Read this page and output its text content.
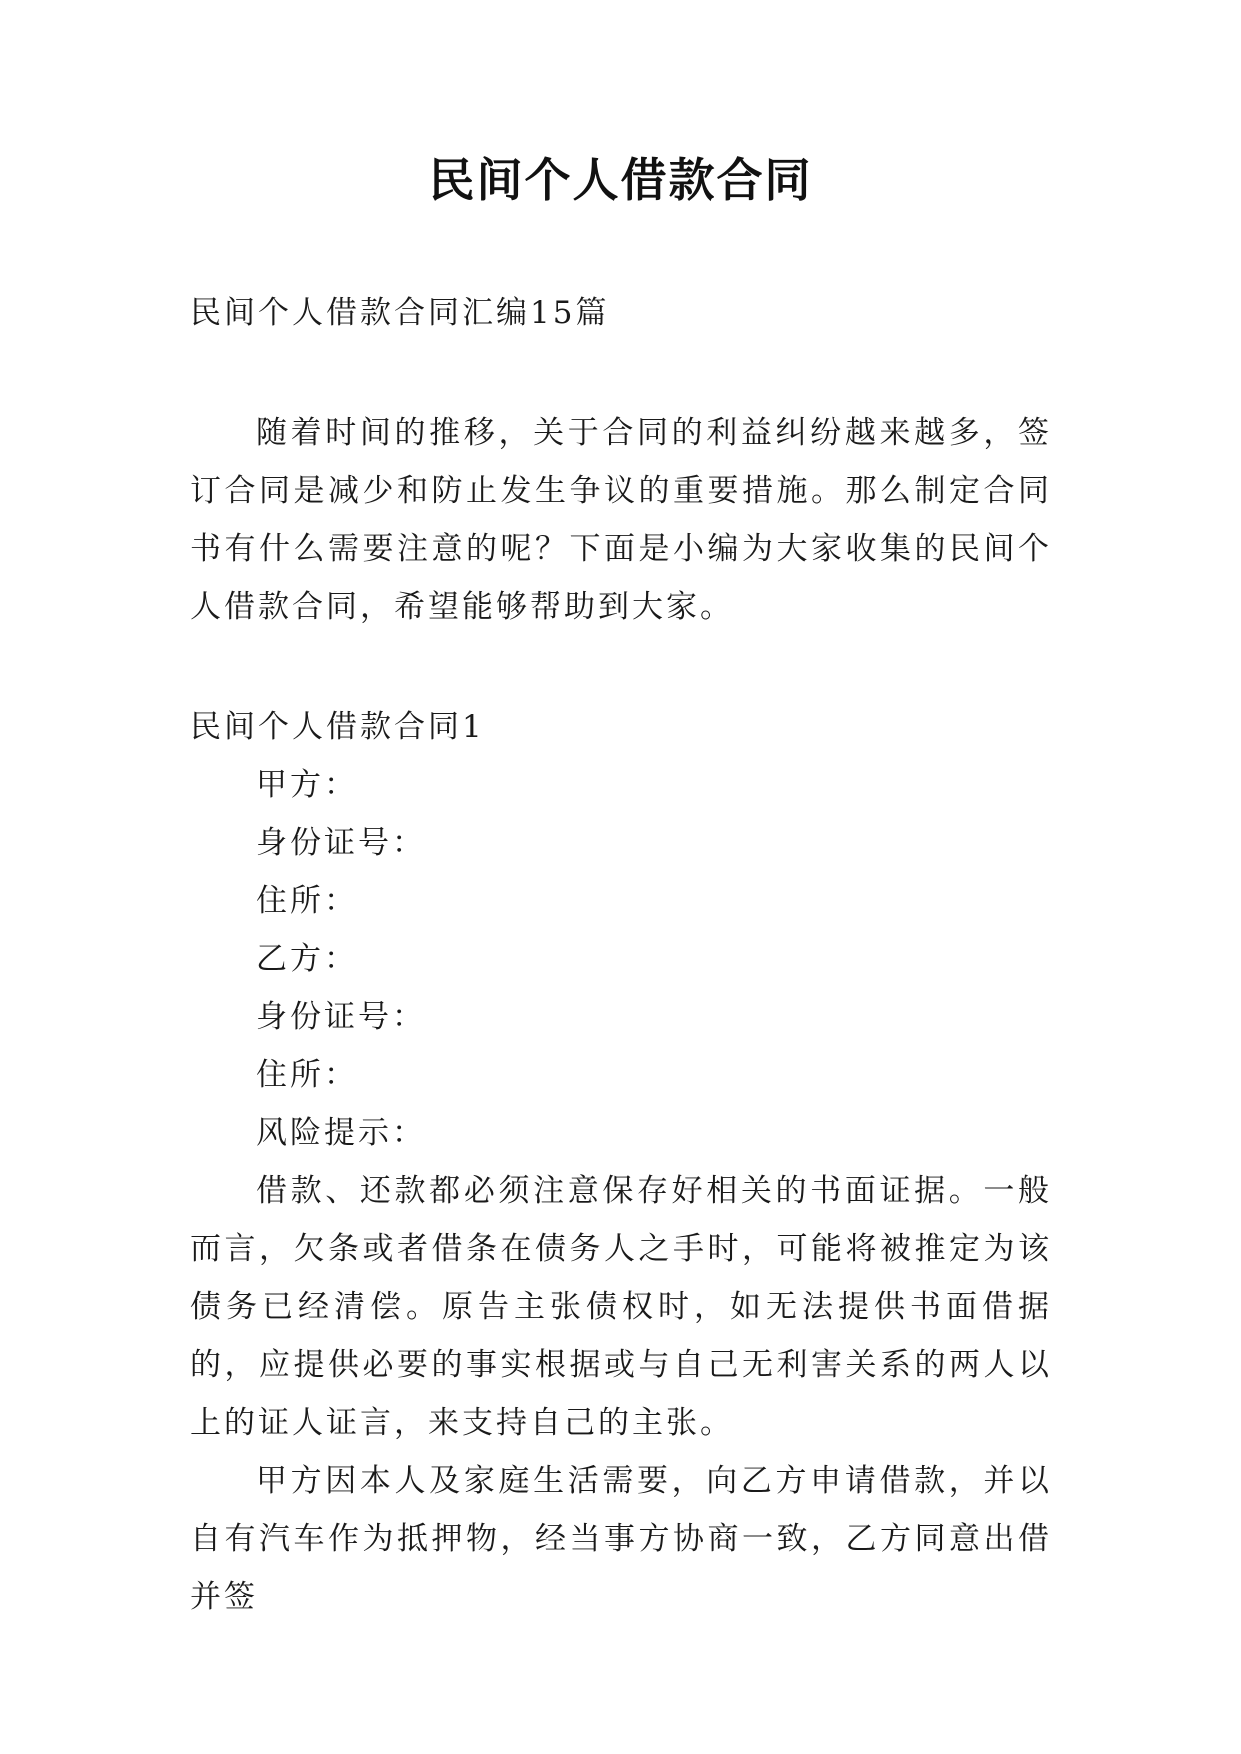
民间个人借款合同

民间个人借款合同汇编15篇

随着时间的推移，关于合同的利益纠纷越来越多，签订合同是减少和防止发生争议的重要措施。那么制定合同书有什么需要注意的呢？下面是小编为大家收集的民间个人借款合同，希望能够帮助到大家。

民间个人借款合同1

甲方：

身份证号：

住所：

乙方：

身份证号：

住所：

风险提示：

借款、还款都必须注意保存好相关的书面证据。一般而言，欠条或者借条在债务人之手时，可能将被推定为该债务已经清偿。原告主张债权时，如无法提供书面借据的，应提供必要的事实根据或与自己无利害关系的两人以上的证人证言，来支持自己的主张。

甲方因本人及家庭生活需要，向乙方申请借款，并以自有汽车作为抵押物，经当事方协商一致，乙方同意出借并签
